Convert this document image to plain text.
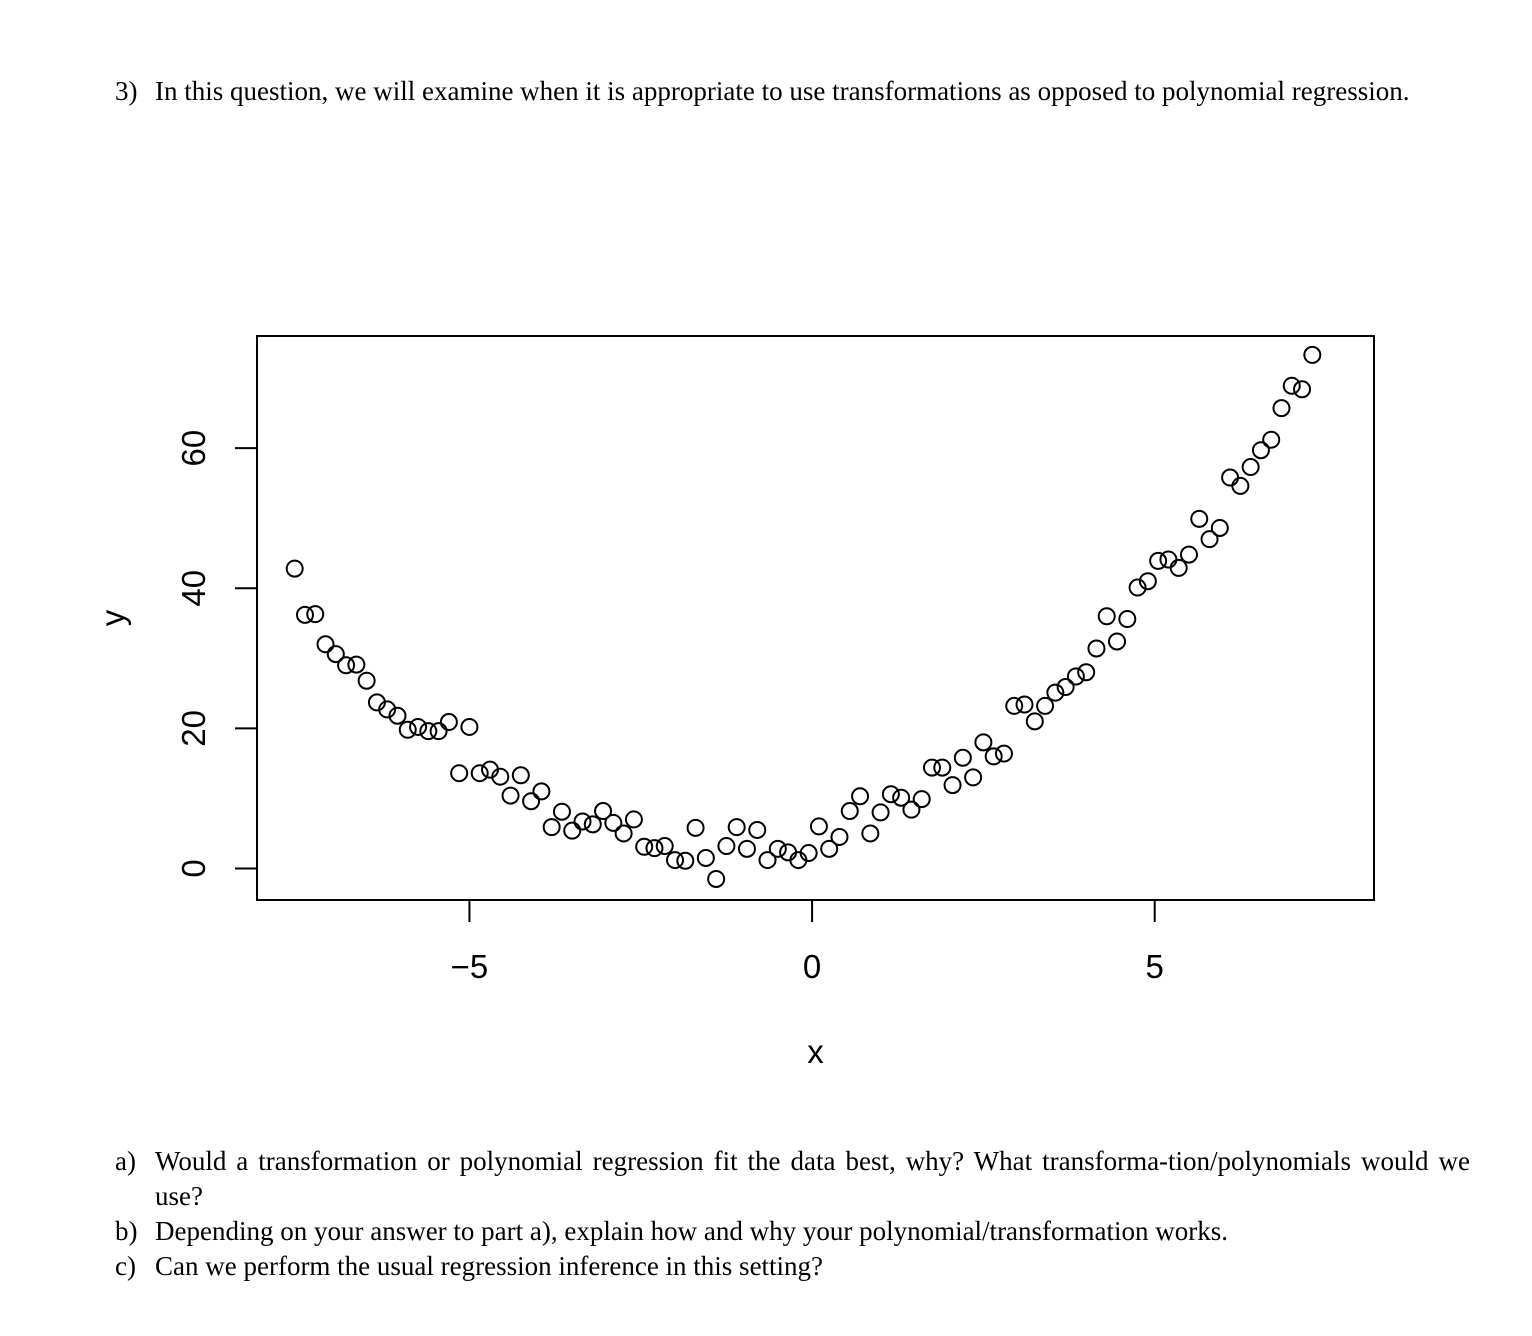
3) In this question, we will examine when it is appropriate to use transformations as opposed to polynomial regression.
−5	0	5
0
20
40
60
x
y
a) Would a transformation or polynomial regression fit the data best, why? What transforma-tion/polynomials would we use?
b) Depending on your answer to part a), explain how and why your polynomial/transformation works.
c) Can we perform the usual regression inference in this setting?
